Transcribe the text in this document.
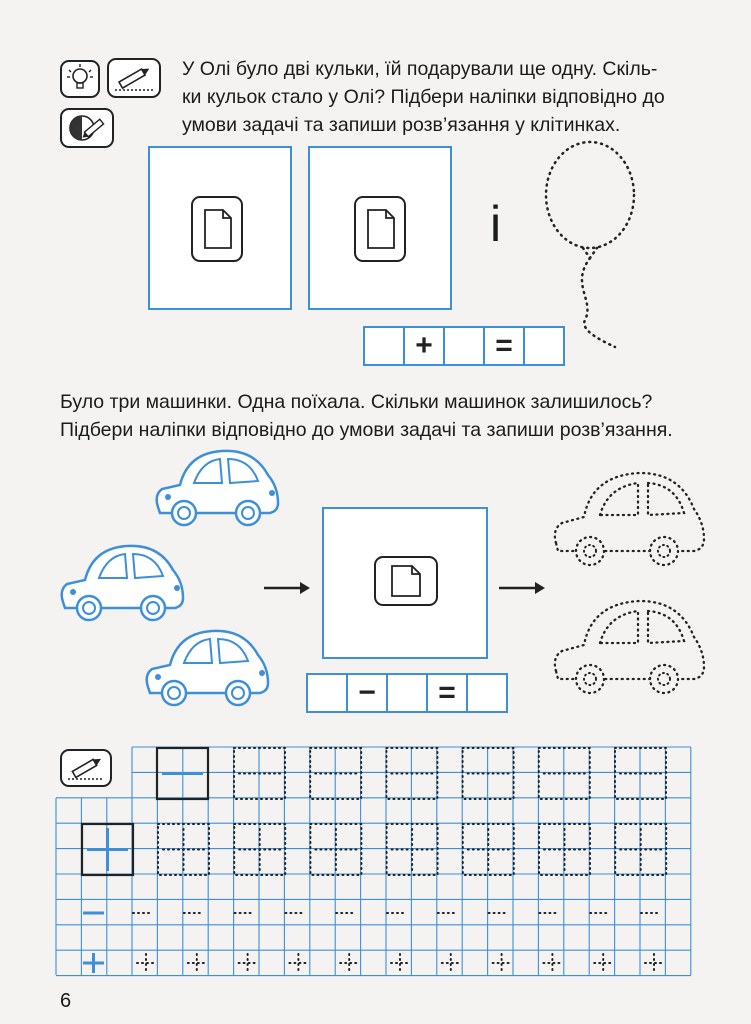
У Олі було дві кульки, їй подарували ще одну. Скіль-
ки кульок стало у Олі? Підбери наліпки відповідно до
умови задачі та запиши розв’язання у клітинках.
і
+	=
Було три машинки. Одна поїхала. Скільки машинок залишилось?
Підбери наліпки відповідно до умови задачі та запиши розв’язання.
−	=
6
